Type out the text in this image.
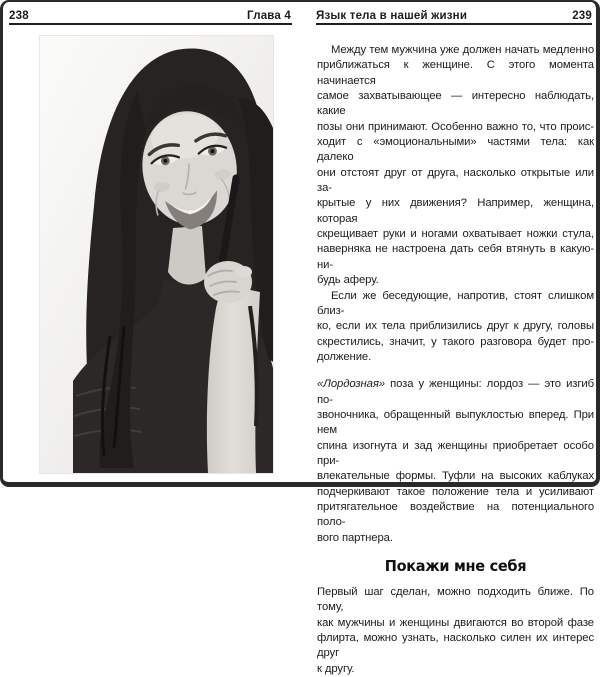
238	Глава 4 Язык тела в нашей жизни	239
Между тем мужчина уже должен начать медленно
приближаться к женщине. С этого момента начинается
самое захватывающее — интересно наблюдать, какие
позы они принимают. Особенно важно то, что проис-
ходит с «эмоциональными» частями тела: как далеко
они отстоят друг от друга, насколько открытые или за-
крытые у них движения? Например, женщина, которая
скрещивает руки и ногами охватывает ножки стула,
наверняка не настроена дать себя втянуть в какую-ни-
будь аферу.
Если же беседующие, напротив, стоят слишком близ-
ко, если их тела приблизились друг к другу, головы
скрестились, значит, у такого разговора будет про-
должение.
«Лордозная» поза у женщины: лордоз — это изгиб по-
звоночника, обращенный выпуклостью вперед. При нем
спина изогнута и зад женщины приобретает особо при-
влекательные формы. Туфли на высоких каблуках
подчеркивают такое положение тела и усиливают
притягательное воздействие на потенциального поло-
вого партнера.
Покажи мне себя
Первый шаг сделан, можно подходить ближе. По тому,
как мужчины и женщины двигаются во второй фазе
флирта, можно узнать, насколько силен их интерес друг
к другу.
